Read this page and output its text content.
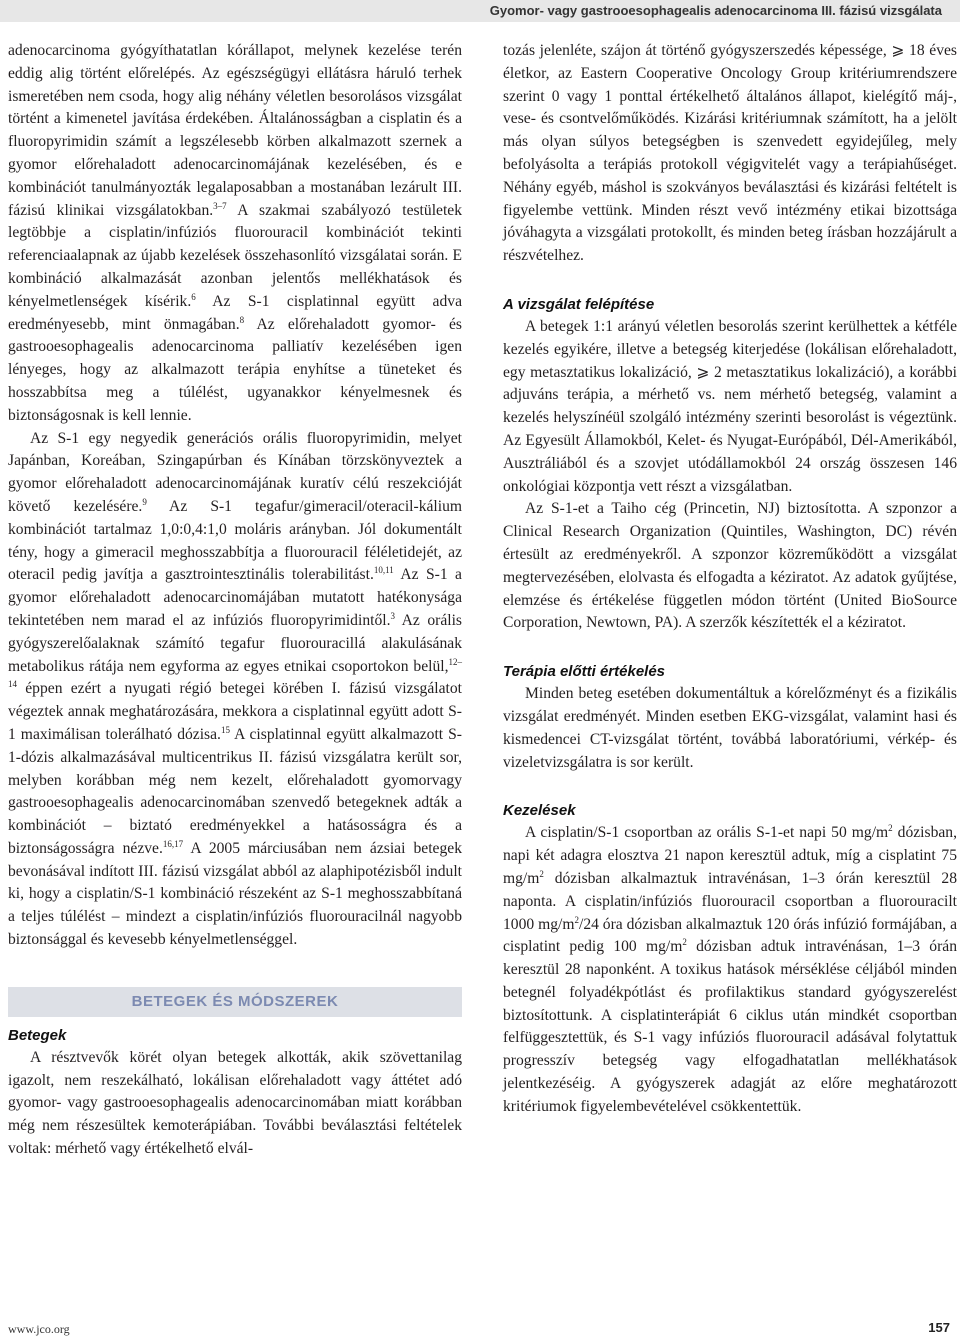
Gyomor- vagy gastrooesophagealis adenocarcinoma III. fázisú vizsgálata

adenocarcinoma gyógyíthatatlan kórállapot, melynek kezelése terén eddig alig történt előrelépés. Az egészségügyi ellátásra háruló terhek ismeretében nem csoda, hogy alig néhány véletlen besorolásos vizsgálat történt a kimenetel javítása érdekében. Általánosságban a cisplatin és a fluoropyrimidin számít a legszélesebb körben alkalmazott szernek a gyomor előrehaladott adenocarcinomájának kezelésében, és e kombinációt tanulmányozták legalaposabban a mostanában lezárult III. fázisú klinikai vizsgálatokban.$^{3-7}$ A szakmai szabályozó testületek legtöbbje a cisplatin/infúziós fluorouracil kombinációt tekinti referenciaalapnak az újabb kezelések összehasonlító vizsgálatai során. E kombináció alkalmazását azonban jelentős mellékhatások és kényelmetlenségek kísérik.$^6$ Az S-1 cisplatinnal együtt adva eredményesebb, mint önmagában.$^8$ Az előrehaladott gyomor- és gastrooesophagealis adenocarcinoma palliatív kezelésében igen lényeges, hogy az alkalmazott terápia enyhítse a tüneteket és hosszabbítsa meg a túlélést, ugyanakkor kényelmesnek és biztonságosnak is kell lennie.

Az S-1 egy negyedik generációs orális fluoropyrimidin, melyet Japánban, Koreában, Szingapúrban és Kínában törzskönyveztek a gyomor előrehaladott adenocarcinomájának kuratív célú reszekcióját követő kezelésére.$^9$ Az S-1 tegafur/gimeracil/oteracil-kálium kombinációt tartalmaz 1,0:0,4:1,0 moláris arányban. Jól dokumentált tény, hogy a gimeracil meghosszabbítja a fluorouracil féléletidejét, az oteracil pedig javítja a gasztrointesztinális tolerabilitást.$^{10,11}$ Az S-1 a gyomor előrehaladott adenocarcinomájában mutatott hatékonysága tekintetében nem marad el az infúziós fluoropyrimidintől.$^3$ Az orális gyógyszerelőalaknak számító tegafur fluorouracillá alakulásának metabolikus rátája nem egyforma az egyes etnikai csoportokon belül,$^{12-14}$ éppen ezért a nyugati régió betegei körében I. fázisú vizsgálatot végeztek annak meghatározására, mekkora a cisplatinnal együtt adott S-1 maximálisan tolerálható dózisa.$^{15}$ A cisplatinnal együtt alkalmazott S-1-dózis alkalmazásával multicentrikus II. fázisú vizsgálatra került sor, melyben korábban még nem kezelt, előrehaladott gyomorvagy gastrooesophagealis adenocarcinomában szenvedő betegeknek adták a kombinációt – biztató eredményekkel a hatásosságra és a biztonságosságra nézve.$^{16,17}$ A 2005 márciusában nem ázsiai betegek bevonásával indított III. fázisú vizsgálat abból az alaphipotézisből indult ki, hogy a cisplatin/S-1 kombináció részeként az S-1 meghosszabbítaná a teljes túlélést – mindezt a cisplatin/infúziós fluorouracilnál nagyobb biztonsággal és kevesebb kényelmetlenséggel.

BETEGEK ÉS MÓDSZEREK
Betegek

A résztvevők körét olyan betegek alkották, akik szövettanilag igazolt, nem reszekálható, lokálisan előrehaladott vagy áttétet adó gyomor- vagy gastrooesophagealis adenocarcinomában miatt korábban még nem részesültek kemoterápiában. További beválasztási feltételek voltak: mérhető vagy értékelhető elvál-

tozás jelenléte, szájon át történő gyógyszerszedés képessége, ⩾ 18 éves életkor, az Eastern Cooperative Oncology Group kritériumrendszere szerint 0 vagy 1 ponttal értékelhető általános állapot, kielégítő máj-, vese- és csontvelőműködés. Kizárási kritériumnak számított, ha a jelölt más olyan súlyos betegségben is szenvedett egyidejűleg, mely befolyásolta a terápiás protokoll végigvitelét vagy a terápiahűséget. Néhány egyéb, máshol is szokványos beválasztási és kizárási feltételt is figyelembe vettünk. Minden részt vevő intézmény etikai bizottsága jóváhagyta a vizsgálati protokollt, és minden beteg írásban hozzájárult a részvételhez.

A vizsgálat felépítése

A betegek 1:1 arányú véletlen besorolás szerint kerülhettek a kétféle kezelés egyikére, illetve a betegség kiterjedése (lokálisan előrehaladott, egy metasztatikus lokalizáció, ⩾ 2 metasztatikus lokalizáció), a korábbi adjuváns terápia, a mérhető vs. nem mérhető betegség, valamint a kezelés helyszínéül szolgáló intézmény szerinti besorolást is végeztünk. Az Egyesült Államokból, Kelet- és Nyugat-Európából, Dél-Amerikából, Ausztráliából és a szovjet utódállamokból 24 ország összesen 146 onkológiai központja vett részt a vizsgálatban.

Az S-1-et a Taiho cég (Princetin, NJ) biztosította. A szponzor a Clinical Research Organization (Quintiles, Washington, DC) révén értesült az eredményekről. A szponzor közreműködött a vizsgálat megtervezésében, elolvasta és elfogadta a kéziratot. Az adatok gyűjtése, elemzése és értékelése független módon történt (United BioSource Corporation, Newtown, PA). A szerzők készítették el a kéziratot.

Terápia előtti értékelés

Minden beteg esetében dokumentáltuk a kórelőzményt és a fizikális vizsgálat eredményét. Minden esetben EKG-vizsgálat, valamint hasi és kismedencei CT-vizsgálat történt, továbbá laboratóriumi, vérkép- és vizeletvizsgálatra is sor került.

Kezelések

A cisplatin/S-1 csoportban az orális S-1-et napi 50 $mg/m^2$ dózisban, napi két adagra elosztva 21 napon keresztül adtuk, míg a cisplatint 75 $mg/m^2$ dózisban alkalmaztuk intravénásan, 1–3 órán keresztül 28 naponta. A cisplatin/infúziós fluorouracil csoportban a fluorouracilt 1000 $mg/m^2/24$ óra dózisban alkalmaztuk 120 órás infúzió formájában, a cisplatint pedig 100 $mg/m^2$ dózisban adtuk intravénásan, 1–3 órán keresztül 28 naponként. A toxikus hatások mérséklése céljából minden betegnél folyadékpótlást és profilaktikus standard gyógyszerelést biztosítottunk. A cisplatinterápiát 6 ciklus után mindkét csoportban felfüggesztettük, és S-1 vagy infúziós fluorouracil adásával folytattuk progresszív betegség vagy elfogadhatatlan mellékhatások jelentkezéséig. A gyógyszerek adagját az előre meghatározott kritériumok figyelembevételével csökkentettük.

www.jco.org	157
